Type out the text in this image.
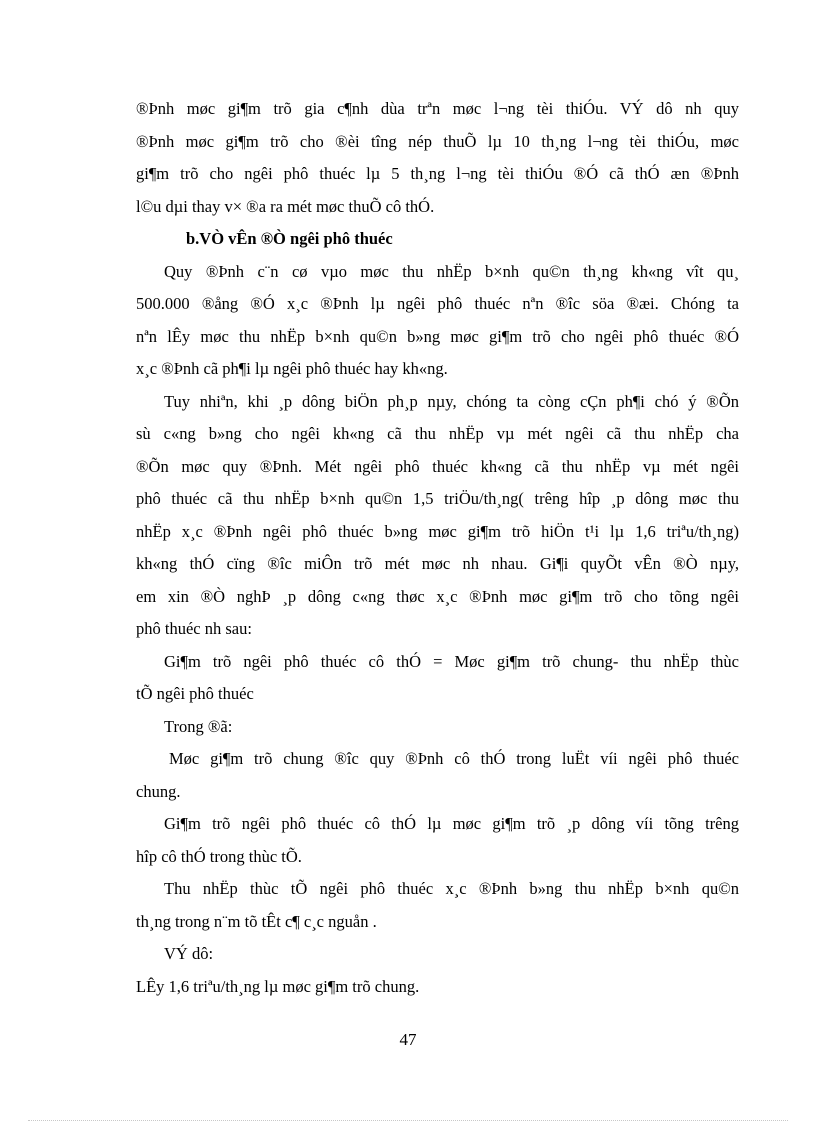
®Þnh møc gi¶m trõ gia c¶nh dùa trªn møc l¬ng tèi thiÓu. VÝ dô nh quy
®Þnh møc gi¶m trõ cho ®èi tîng nép thuÕ lµ 10 th¸ng l¬ng tèi thiÓu, møc
gi¶m trõ cho ngêi phô thuéc lµ 5 th¸ng l¬ng tèi thiÓu ®Ó cã thÓ æn ®Þnh
l©u dµi thay v× ®a ra mét møc thuÕ cô thÓ.
b.VÒ vÊn ®Ò ngêi phô thuéc
Quy ®Þnh c¨n cø vµo møc thu nhËp b×nh qu©n th¸ng kh«ng vît qu¸
500.000 ®ång ®Ó x¸c ®Þnh lµ ngêi phô thuéc nªn ®îc söa ®æi. Chóng ta
nªn lÊy møc thu nhËp b×nh qu©n b»ng møc gi¶m trõ cho ngêi phô thuéc ®Ó
x¸c ®Þnh cã ph¶i lµ ngêi phô thuéc hay kh«ng.
Tuy nhiªn, khi ¸p dông biÖn ph¸p nµy, chóng ta còng cÇn ph¶i chó ý ®Õn
sù c«ng b»ng cho ngêi kh«ng cã thu nhËp vµ mét ngêi cã thu nhËp cha
®Õn møc quy ®Þnh. Mét ngêi phô thuéc kh«ng cã thu nhËp vµ mét ngêi
phô thuéc cã thu nhËp b×nh qu©n 1,5 triÖu/th¸ng( trêng hîp ¸p dông møc thu
nhËp x¸c ®Þnh ngêi phô thuéc b»ng møc gi¶m trõ hiÖn t¹i lµ 1,6 triªu/th¸ng)
kh«ng thÓ cïng ®îc miÔn trõ mét møc nh nhau. Gi¶i quyÕt vÊn ®Ò nµy,
em xin ®Ò nghÞ ¸p dông c«ng thøc x¸c ®Þnh møc gi¶m trõ cho tõng ngêi
phô thuéc nh sau:
Gi¶m trõ ngêi phô thuéc cô thÓ = Møc gi¶m trõ chung- thu nhËp thùc
tÕ ngêi phô thuéc
Trong ®ã:
Møc gi¶m trõ chung ®îc quy ®Þnh cô thÓ trong luËt víi ngêi phô thuéc
chung.
Gi¶m trõ ngêi phô thuéc cô thÓ lµ møc gi¶m trõ ¸p dông víi tõng trêng
hîp cô thÓ trong thùc tÕ.
Thu nhËp thùc tÕ ngêi phô thuéc x¸c ®Þnh b»ng thu nhËp b×nh qu©n
th¸ng trong n¨m tõ tÊt c¶ c¸c nguån .
VÝ dô:
LÊy 1,6 triªu/th¸ng lµ møc gi¶m trõ chung.
47
